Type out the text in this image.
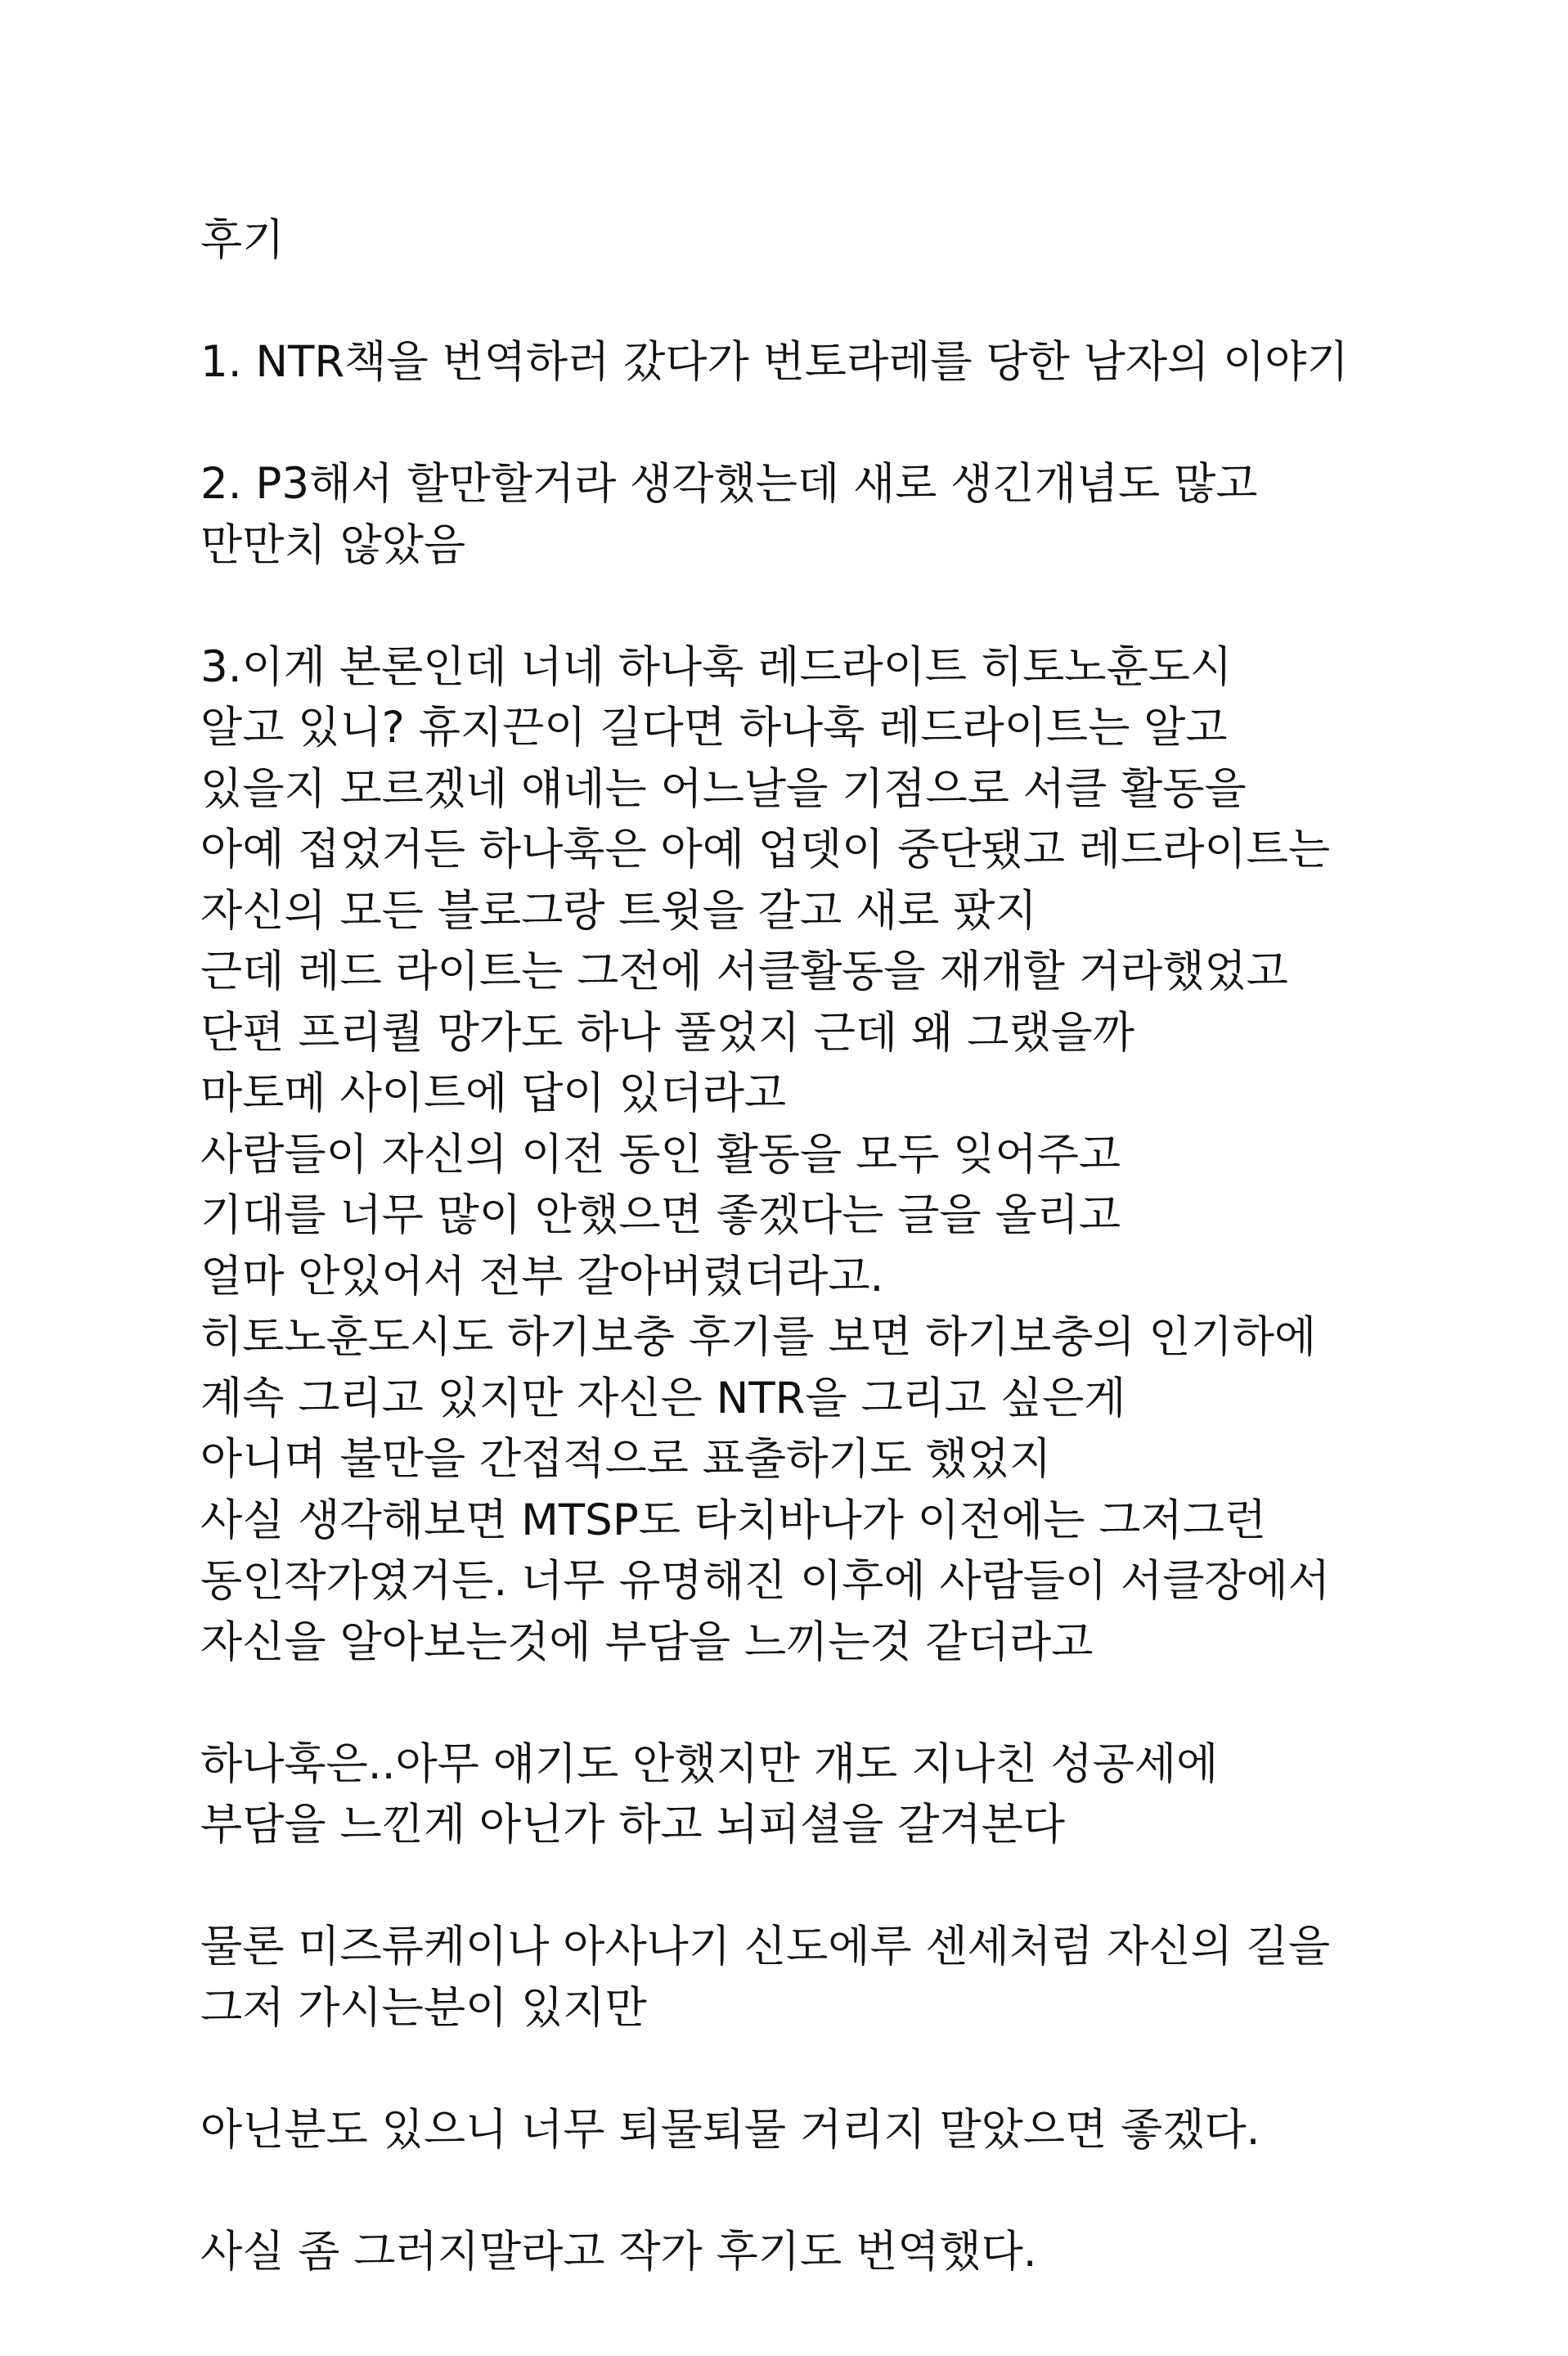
후기
1. NTR책을 번역하러 갔다가 번토라레를 당한 남자의 이야기
2. P3해서 할만할거라 생각했는데 새로 생긴개념도 많고
만만치 않았음
3.이게 본론인데 너네 하나훅 레드라이트 히토노훈도시
알고 있니? 휴지끈이 길다면 하나훅 레드라이트는 알고
있을지 모르겠네 얘네는 어느날을 기점으로 서클 활동을
아예 접었거든 하나훅은 아예 업뎃이 중단됐고 레드라이트는
자신의 모든 블로그랑 트윗을 갈고 새로 팠지
근데 레드 라이트는 그전에 서클활동을 재개할 거라했었고
단편 프리퀄 망가도 하나 풀었지 근데 왜 그랬을까
마토메 사이트에 답이 있더라고
사람들이 자신의 이전 동인 활동을 모두 잊어주고
기대를 너무 많이 안했으면 좋겠다는 글을 올리고
얼마 안있어서 전부 갈아버렸더라고.
히토노훈도시도 하기보충 후기를 보면 하기보충의 인기하에
계속 그리고 있지만 자신은 NTR을 그리고 싶은게
아니며 불만을 간접적으로 표출하기도 했었지
사실 생각해보면 MTSP도 타치바나가 이전에는 그저그런
동인작가였거든. 너무 유명해진 이후에 사람들이 서클장에서
자신을 알아보는것에 부담을 느끼는것 같더라고
하나훅은..아무 얘기도 안했지만 걔도 지나친 성공세에
부담을 느낀게 아닌가 하고 뇌피셜을 갈겨본다
물론 미즈류케이나 아사나기 신도에루 센세처럼 자신의 길을
그저 가시는분이 있지만
아닌분도 있으니 너무 퇴물퇴물 거리지 말았으면 좋겠다.
사실 좀 그러지말라고 작가 후기도 번역했다.
